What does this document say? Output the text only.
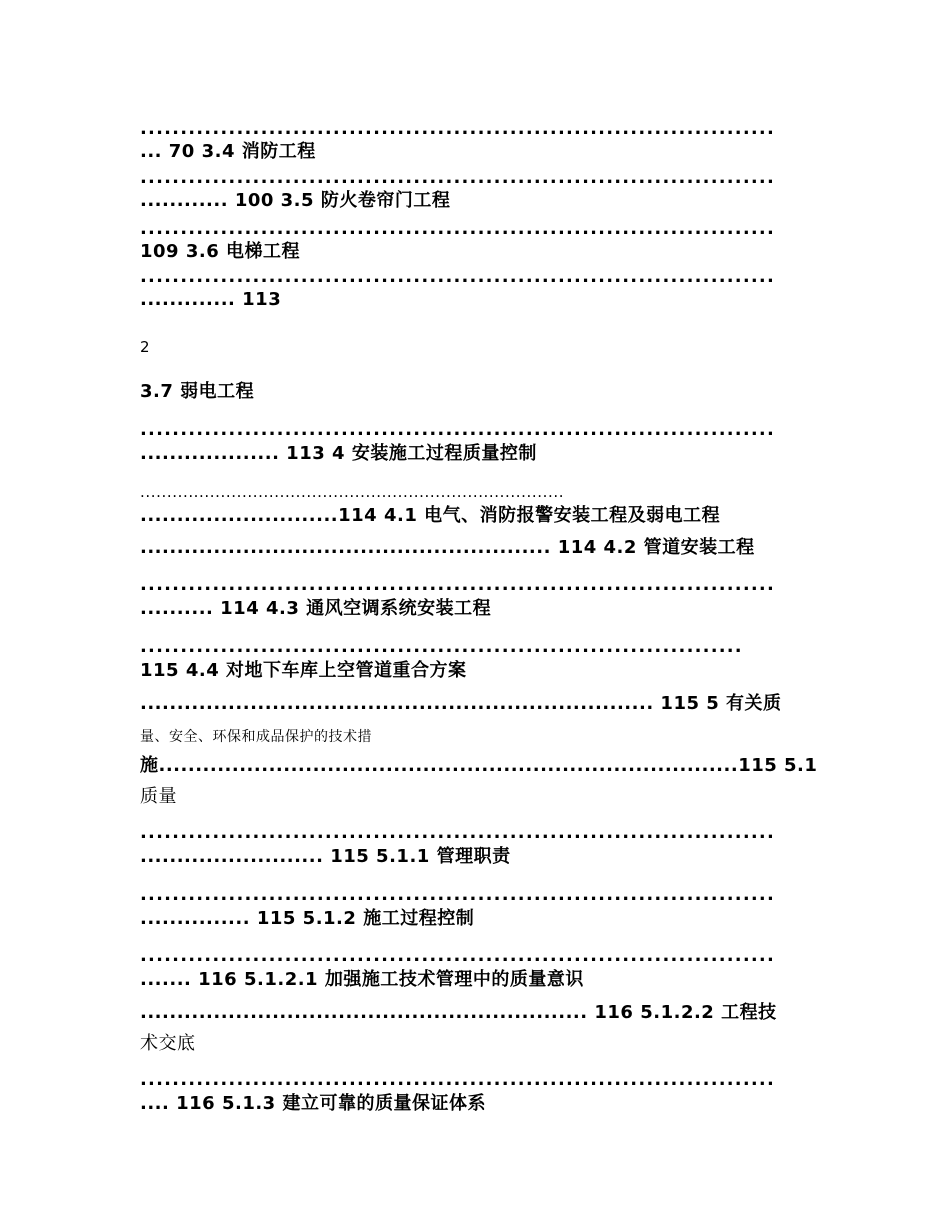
...............................................................................

... 70 3.4 消防工程

...............................................................................

............ 100 3.5 防火卷帘门工程

...............................................................................

109 3.6 电梯工程

...............................................................................

............. 113

2

3.7 弱电工程

...............................................................................

................... 113 4 安装施工过程质量控制

...............................................................................

...........................114 4.1 电气、消防报警安装工程及弱电工程

........................................................ 114 4.2 管道安装工程

...............................................................................

.......... 114 4.3 通风空调系统安装工程

...........................................................................

115 4.4 对地下车库上空管道重合方案

...................................................................... 115 5 有关质

量、安全、环保和成品保护的技术措

施...............................................................................115 5.1

质量

...............................................................................

......................... 115 5.1.1 管理职责

...............................................................................

............... 115 5.1.2 施工过程控制

...............................................................................

....... 116 5.1.2.1 加强施工技术管理中的质量意识

............................................................. 116 5.1.2.2 工程技

术交底

...............................................................................

.... 116 5.1.3 建立可靠的质量保证体系
